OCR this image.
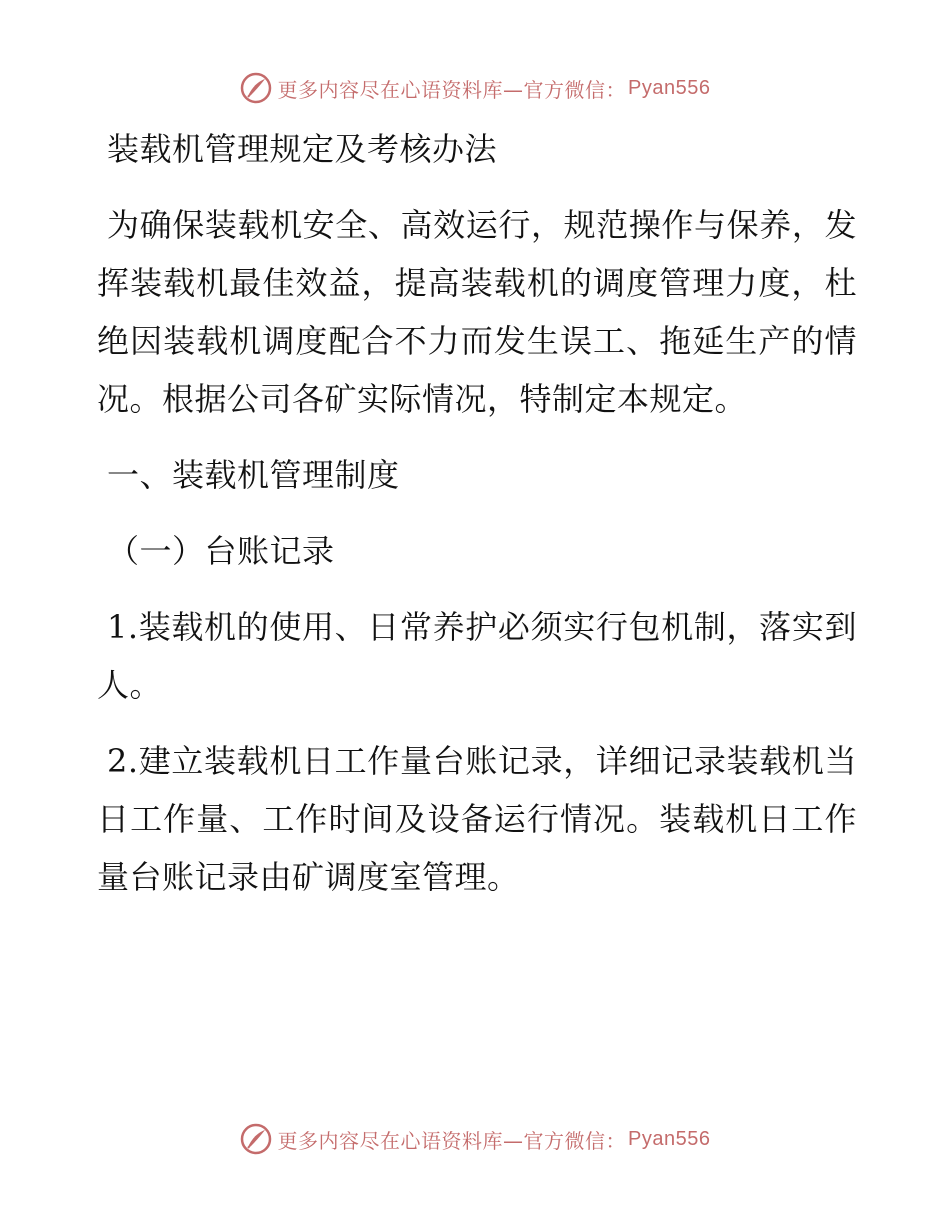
更多内容尽在心语资料库—官方微信： Pyan556

装载机管理规定及考核办法

为确保装载机安全、高效运行，规范操作与保养，发挥装载机最佳效益，提高装载机的调度管理力度，杜绝因装载机调度配合不力而发生误工、拖延生产的情况。根据公司各矿实际情况，特制定本规定。

一、装载机管理制度

（一）台账记录

1.装载机的使用、日常养护必须实行包机制，落实到人。

2.建立装载机日工作量台账记录，详细记录装载机当日工作量、工作时间及设备运行情况。装载机日工作量台账记录由矿调度室管理。

更多内容尽在心语资料库—官方微信： Pyan556
